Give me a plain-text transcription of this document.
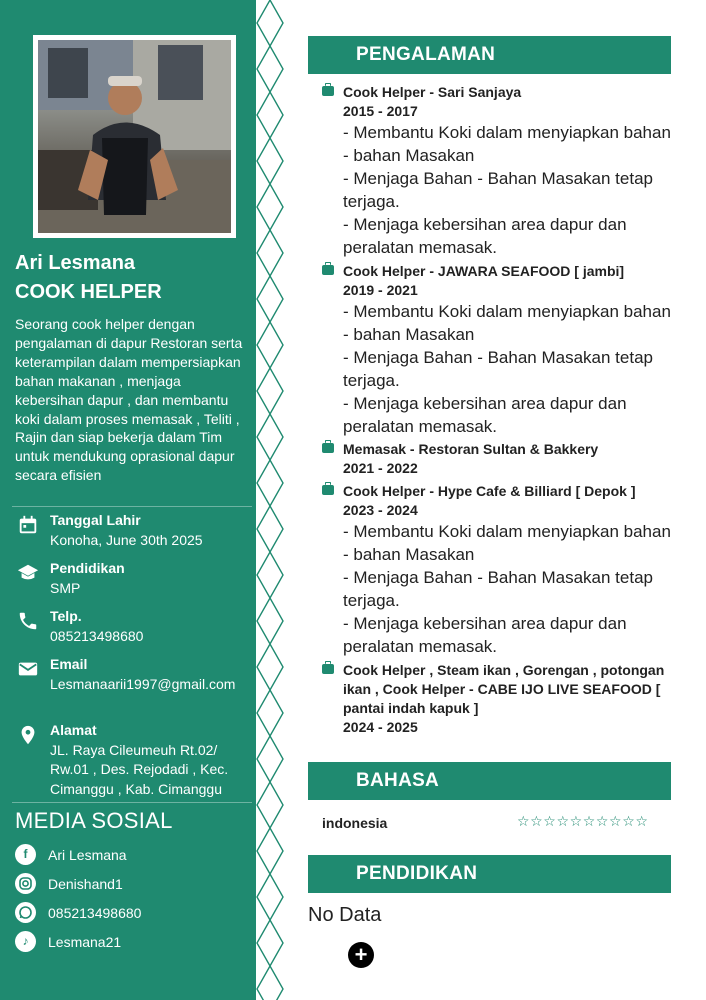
Ari Lesmana
COOK HELPER
Seorang cook helper dengan pengalaman di dapur Restoran serta keterampilan dalam mempersiapkan bahan makanan , menjaga kebersihan dapur , dan membantu koki dalam proses memasak , Teliti , Rajin dan siap bekerja dalam Tim untuk mendukung oprasional dapur secara efisien
Tanggal Lahir
Konoha, June 30th 2025
Pendidikan
SMP
Telp.
085213498680
Email
Lesmanaarii1997@gmail.com
Alamat
JL. Raya Cileumeuh Rt.02/ Rw.01 , Des. Rejodadi , Kec. Cimanggu , Kab. Cimanggu
MEDIA SOSIAL
f	Ari Lesmana
Denishand1
085213498680
♪	Lesmana21
PENGALAMAN
Cook Helper - Sari Sanjaya
2015 - 2017
- Membantu Koki dalam menyiapkan bahan - bahan Masakan
- Menjaga Bahan - Bahan Masakan tetap terjaga.
- Menjaga kebersihan area dapur dan peralatan memasak.
Cook Helper - JAWARA SEAFOOD [ jambi]
2019 - 2021
- Membantu Koki dalam menyiapkan bahan - bahan Masakan
- Menjaga Bahan - Bahan Masakan tetap terjaga.
- Menjaga kebersihan area dapur dan peralatan memasak.
Memasak - Restoran Sultan & Bakkery
2021 - 2022
Cook Helper - Hype Cafe & Billiard [ Depok ]
2023 - 2024
- Membantu Koki dalam menyiapkan bahan - bahan Masakan
- Menjaga Bahan - Bahan Masakan tetap terjaga.
- Menjaga kebersihan area dapur dan peralatan memasak.
Cook Helper , Steam ikan , Gorengan , potongan ikan , Cook Helper - CABE IJO LIVE SEAFOOD [ pantai indah kapuk ]
2024 - 2025
BAHASA
indonesia	☆☆☆☆☆☆☆☆☆☆
PENDIDIKAN
No Data
+
